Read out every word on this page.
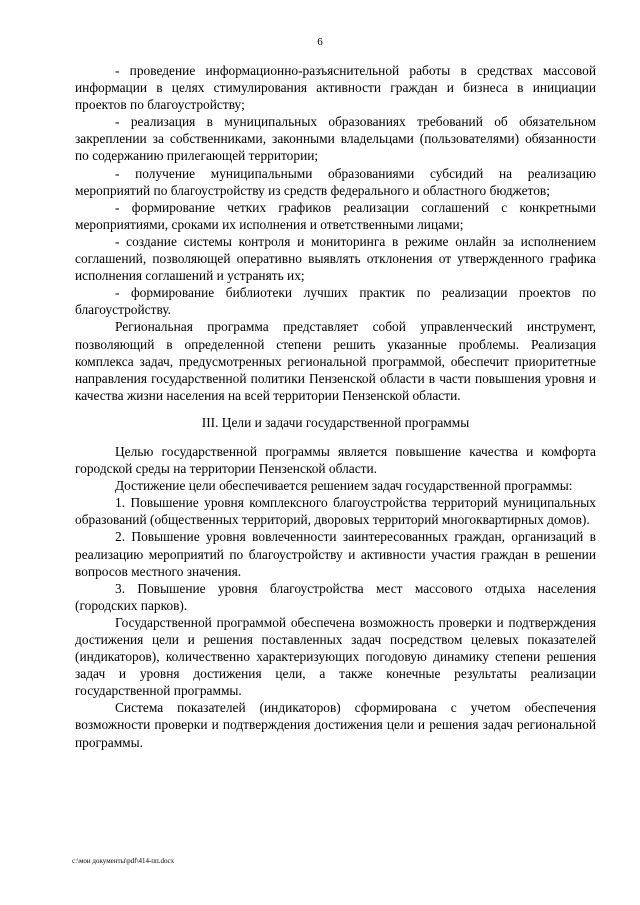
6

- проведение информационно-разъяснительной работы в средствах массовой информации в целях стимулирования активности граждан и бизнеса в инициации проектов по благоустройству;

- реализация в муниципальных образованиях требований об обязательном закреплении за собственниками, законными владельцами (пользователями) обязанности по содержанию прилегающей территории;

- получение муниципальными образованиями субсидий на реализацию мероприятий по благоустройству из средств федерального и областного бюджетов;

- формирование четких графиков реализации соглашений с конкретными мероприятиями, сроками их исполнения и ответственными лицами;

- создание системы контроля и мониторинга в режиме онлайн за исполнением соглашений, позволяющей оперативно выявлять отклонения от утвержденного графика исполнения соглашений и устранять их;

- формирование библиотеки лучших практик по реализации проектов по благоустройству.

Региональная программа представляет собой управленческий инструмент, позволяющий в определенной степени решить указанные проблемы. Реализация комплекса задач, предусмотренных региональной программой, обеспечит приоритетные направления государственной политики Пензенской области в части повышения уровня и качества жизни населения на всей территории Пензенской области.

III. Цели и задачи государственной программы

Целью государственной программы является повышение качества и комфорта городской среды на территории Пензенской области.

Достижение цели обеспечивается решением задач государственной программы:

1. Повышение уровня комплексного благоустройства территорий муниципальных образований (общественных территорий, дворовых территорий многоквартирных домов).

2. Повышение уровня вовлеченности заинтересованных граждан, организаций в реализацию мероприятий по благоустройству и активности участия граждан в решении вопросов местного значения.

3. Повышение уровня благоустройства мест массового отдыха населения (городских парков).

Государственной программой обеспечена возможность проверки и подтверждения достижения цели и решения поставленных задач посредством целевых показателей (индикаторов), количественно характеризующих погодовую динамику степени решения задач и уровня достижения цели, а также конечные результаты реализации государственной программы.

Система показателей (индикаторов) сформирована с учетом обеспечения возможности проверки и подтверждения достижения цели и решения задач региональной программы.

c:\мои документы\pdf\414-пп.docx
